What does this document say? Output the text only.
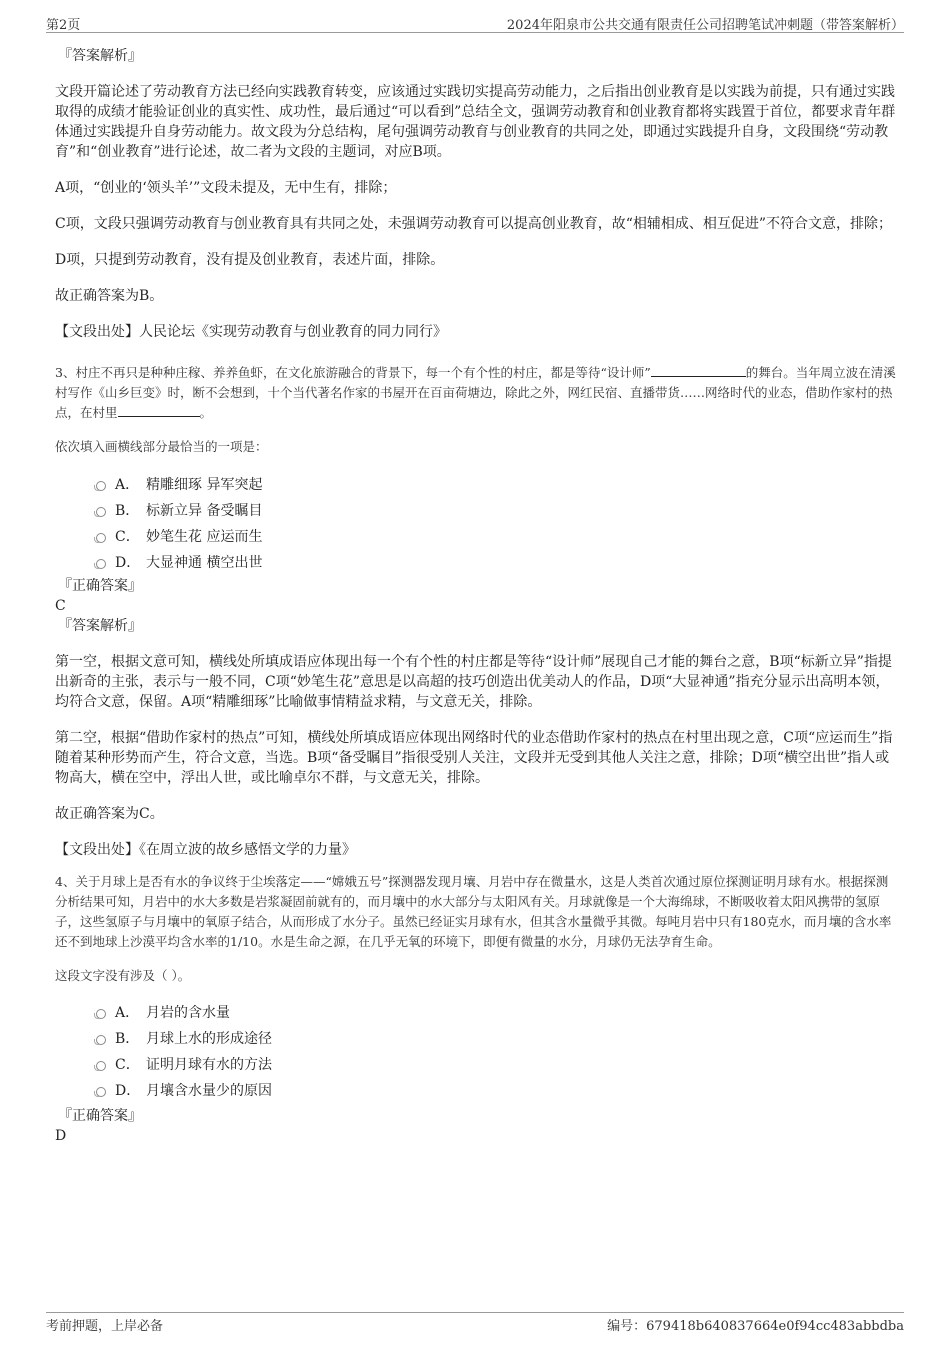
第2页	2024年阳泉市公共交通有限责任公司招聘笔试冲刺题（带答案解析）

『答案解析』

文段开篇论述了劳动教育方法已经向实践教育转变，应该通过实践切实提高劳动能力，之后指出创业教育是以实践为前提，只有通过实践取得的成绩才能验证创业的真实性、成功性，最后通过“可以看到”总结全文，强调劳动教育和创业教育都将实践置于首位，都要求青年群体通过实践提升自身劳动能力。故文段为分总结构，尾句强调劳动教育与创业教育的共同之处，即通过实践提升自身，文段围绕“劳动教育”和“创业教育”进行论述，故二者为文段的主题词，对应B项。

A项，“创业的‘领头羊’”文段未提及，无中生有，排除；

C项，文段只强调劳动教育与创业教育具有共同之处，未强调劳动教育可以提高创业教育，故“相辅相成、相互促进”不符合文意，排除；

D项，只提到劳动教育，没有提及创业教育，表述片面，排除。

故正确答案为B。

【文段出处】人民论坛《实现劳动教育与创业教育的同力同行》

3、村庄不再只是种种庄稼、养养鱼虾，在文化旅游融合的背景下，每一个有个性的村庄，都是等待“设计师”	的舞台。当年周立波在清溪村写作《山乡巨变》时，断不会想到，十个当代著名作家的书屋开在百亩荷塘边，除此之外，网红民宿、直播带货……网络时代的业态，借助作家村的热点，在村里	。

依次填入画横线部分最恰当的一项是：

A． 精雕细琢 异军突起
B． 标新立异 备受瞩目
C． 妙笔生花 应运而生
D． 大显神通 横空出世

『正确答案』

C

『答案解析』

第一空，根据文意可知，横线处所填成语应体现出每一个有个性的村庄都是等待“设计师”展现自己才能的舞台之意，B项“标新立异”指提出新奇的主张，表示与一般不同，C项“妙笔生花”意思是以高超的技巧创造出优美动人的作品，D项“大显神通”指充分显示出高明本领，均符合文意，保留。A项“精雕细琢”比喻做事情精益求精，与文意无关，排除。

第二空，根据“借助作家村的热点”可知，横线处所填成语应体现出网络时代的业态借助作家村的热点在村里出现之意，C项“应运而生”指随着某种形势而产生，符合文意，当选。B项“备受瞩目”指很受别人关注，文段并无受到其他人关注之意，排除；D项“横空出世”指人或物高大，横在空中，浮出人世，或比喻卓尔不群，与文意无关，排除。

故正确答案为C。

【文段出处】《在周立波的故乡感悟文学的力量》

4、关于月球上是否有水的争议终于尘埃落定——“嫦娥五号”探测器发现月壤、月岩中存在微量水，这是人类首次通过原位探测证明月球有水。根据探测分析结果可知，月岩中的水大多数是岩浆凝固前就有的，而月壤中的水大部分与太阳风有关。月球就像是一个大海绵球，不断吸收着太阳风携带的氢原子，这些氢原子与月壤中的氧原子结合，从而形成了水分子。虽然已经证实月球有水，但其含水量微乎其微。每吨月岩中只有180克水，而月壤的含水率还不到地球上沙漠平均含水率的1/10。水是生命之源，在几乎无氧的环境下，即便有微量的水分，月球仍无法孕育生命。

这段文字没有涉及（ ）。

A． 月岩的含水量
B． 月球上水的形成途径
C． 证明月球有水的方法
D． 月壤含水量少的原因

『正确答案』

D

考前押题，上岸必备	编号：679418b640837664e0f94cc483abbdba
